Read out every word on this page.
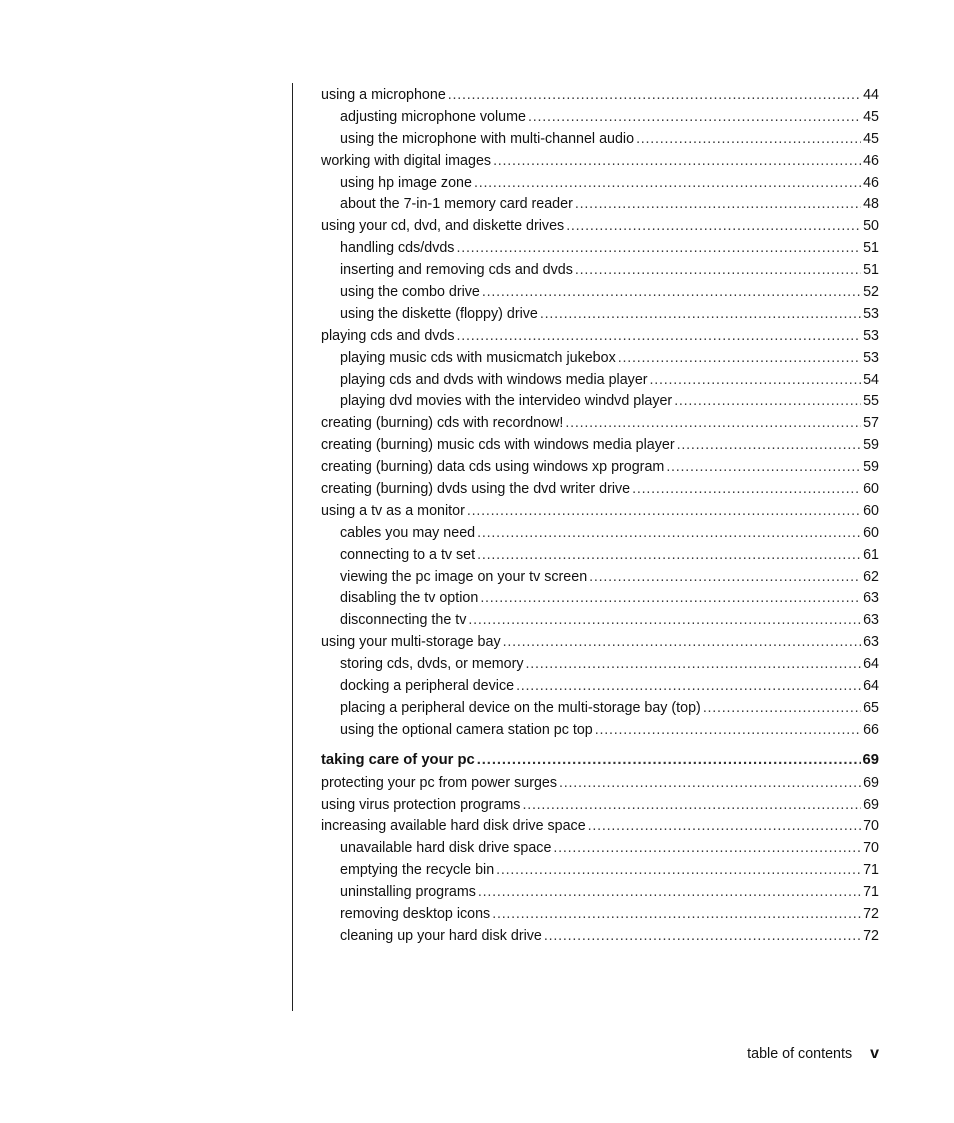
using a microphone . . .	44
adjusting microphone volume . . .	45
using the microphone with multi-channel audio . . .	45
working with digital images . . .	46
using hp image zone . . .	46
about the 7-in-1 memory card reader . . .	48
using your cd, dvd, and diskette drives . . .	50
handling cds/dvds . . .	51
inserting and removing cds and dvds . . .	51
using the combo drive . . .	52
using the diskette (floppy) drive . . .	53
playing cds and dvds . . .	53
playing music cds with musicmatch jukebox . . .	53
playing cds and dvds with windows media player . . .	54
playing dvd movies with the intervideo windvd player . . .	55
creating (burning) cds with recordnow! . . .	57
creating (burning) music cds with windows media player . . .	59
creating (burning) data cds using windows xp program . . .	59
creating (burning) dvds using the dvd writer drive . . .	60
using a tv as a monitor . . .	60
cables you may need . . .	60
connecting to a tv set . . .	61
viewing the pc image on your tv screen . . .	62
disabling the tv option . . .	63
disconnecting the tv . . .	63
using your multi-storage bay . . .	63
storing cds, dvds, or memory . . .	64
docking a peripheral device . . .	64
placing a peripheral device on the multi-storage bay (top) . . .	65
using the optional camera station pc top . . .	66
taking care of your pc . . .	69
protecting your pc from power surges . . .	69
using virus protection programs . . .	69
increasing available hard disk drive space . . .	70
unavailable hard disk drive space . . .	70
emptying the recycle bin . . .	71
uninstalling programs . . .	71
removing desktop icons . . .	72
cleaning up your hard disk drive . . .	72
table of contents v
